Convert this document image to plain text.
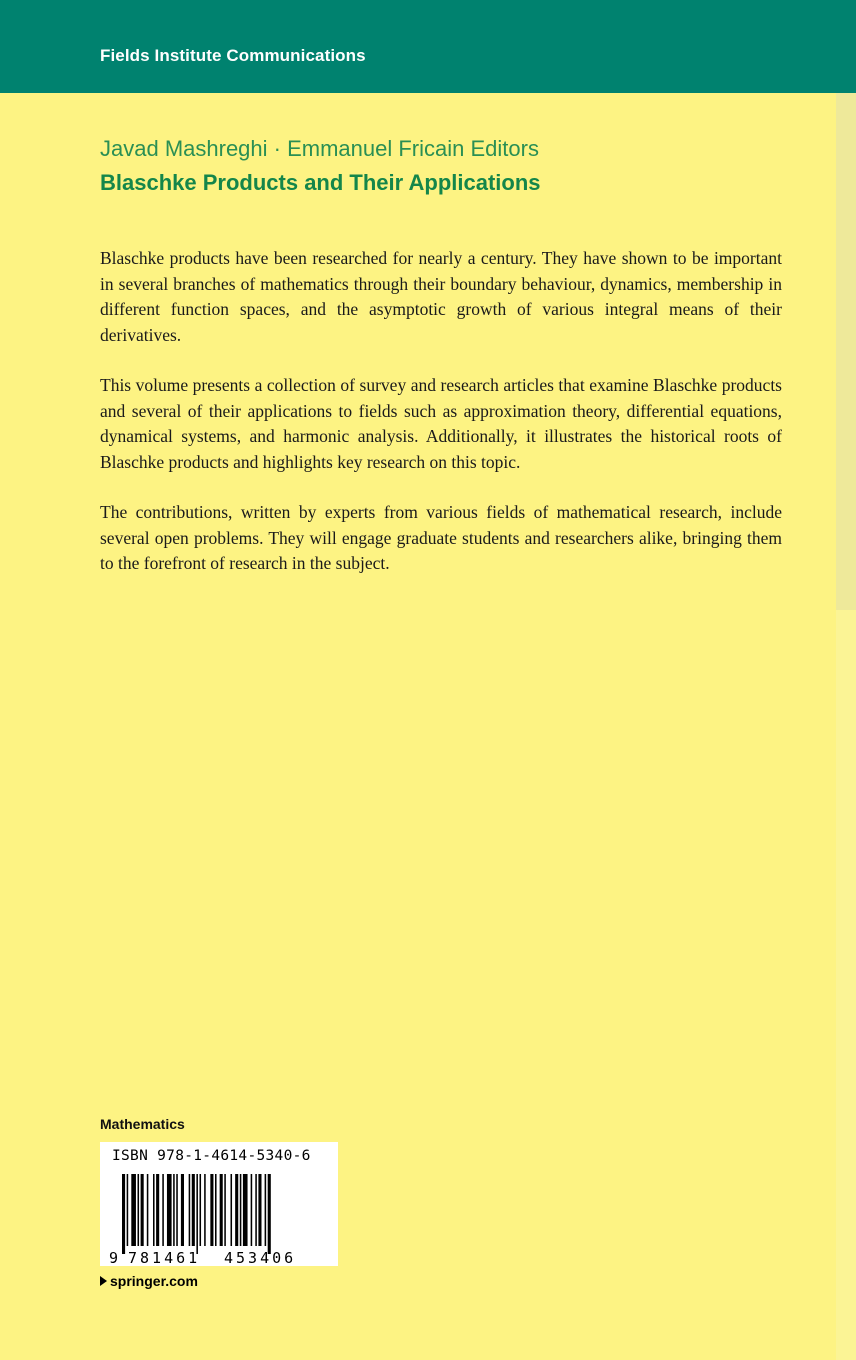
Fields Institute Communications
Javad Mashreghi · Emmanuel Fricain Editors
Blaschke Products and Their Applications

Blaschke products have been researched for nearly a century. They have shown to be important in several branches of mathematics through their boundary behaviour, dynamics, membership in different function spaces, and the asymptotic growth of various integral means of their derivatives.

This volume presents a collection of survey and research articles that examine Blaschke products and several of their applications to fields such as approximation theory, differential equations, dynamical systems, and harmonic analysis. Additionally, it illustrates the historical roots of Blaschke products and highlights key research on this topic.

The contributions, written by experts from various fields of mathematical research, include several open problems. They will engage graduate students and researchers alike, bringing them to the forefront of research in the subject.

Mathematics
ISBN 978-1-4614-5340-6
9 781461 453406
springer.com
